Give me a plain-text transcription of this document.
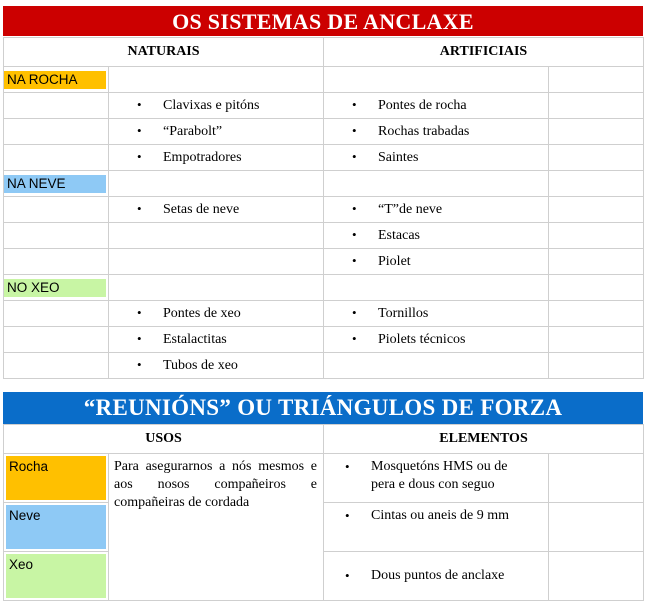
OS SISTEMAS DE ANCLAXE
NATURAIS		ARTIFICIAIS	
NA ROCHA			
	• Clavixas e pitóns	• Pontes de rocha	
	• “Parabolt”	• Rochas trabadas	
	• Empotradores	• Saintes	
NA NEVE			
	• Setas de neve	• “T”de neve	
		• Estacas	
		• Piolet	
NO XEO			
	• Pontes de xeo	• Tornillos	
	• Estalactitas	• Piolets técnicos	
	• Tubos de xeo		
“REUNIÓNS” OU TRIÁNGULOS DE FORZA
USOS		ELEMENTOS	

Rocha	Para asegurarnos a nós mesmos e aos nosos compañeiros e compañeiras de cordada	• Mosquetóns HMS ou de pera e dous con seguo	

Neve		• Cintas ou aneis de 9 mm	

Xeo		• Dous puntos de anclaxe	
